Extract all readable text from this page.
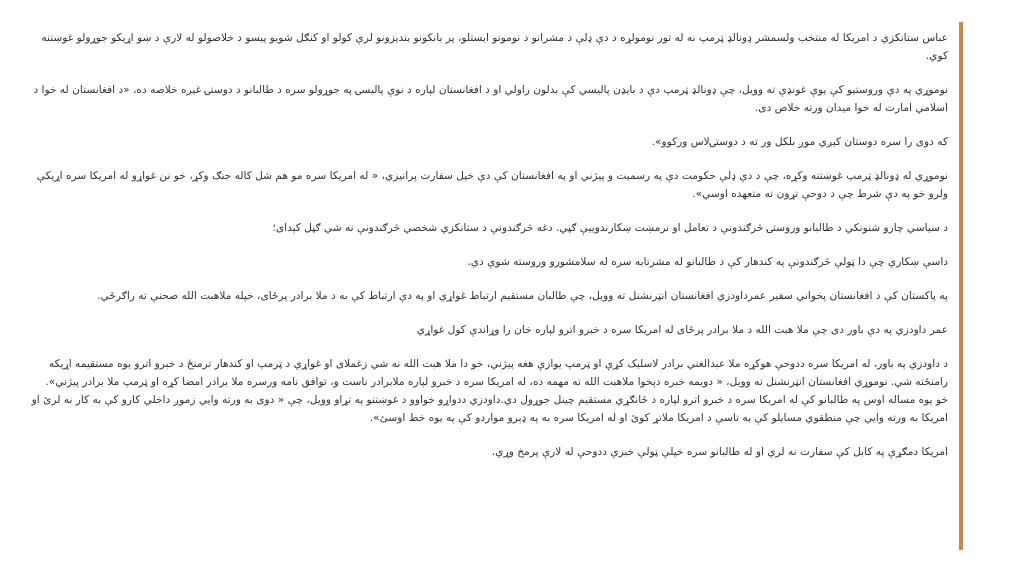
عباس ستانکزي د امریکا له منتخب ولسمشر ډونالډ ټرمپ نه له تور نومولړه د دې ډلې د مشرانو د نومونو ایستلو، پر بانکونو بندیزونو لرې کولو او کنګل شویو پیسو د خلاصولو له لارې د ښو اړیکو جوړولو غوښتنه کوي.

نوموړي په دې وروستیو کې یوې غونډې ته وویل، چې ډونالډ ټرمپ دې د بایډن پالیسي کې بدلون راولي او د افغانستان لپاره د نوې پالیسۍ په جوړولو سره د طالبانو د دوستۍ غیږه خلاصه ده، «د افغانستان له خوا د اسلامي امارت له خوا میدان ورته خلاص دی.

که دوی را سره دوستان کیږي موږ بلکل ور ته د دوستۍلاس ورکوو».

نوموړي له ډونالډ ټرمپ غوښتنه وکړه، چې د دې ډلې حکومت دې په رسمیت و پیژني او په افغانستان کې دې خپل سفارت پرانیزي، « له امریکا سره مو هم شل کاله جنګ وکړ، خو نن غواړو له امریکا سره اړیکې ولرو خو په دې شرط چې د دوحې تړون ته متعهده اوسي».

د سیاسي چارو شنونکي د طالبانو وروستۍ څرګندونې د تعامل او نرمښت ښکارندوییې ګڼي. دغه څرګندونې د ستانکزي شخصي څرګندونې نه شي ګڼل کېدای؛

داسې ښکاري چې دا ټولې څرګندونې په کندهار کې د طالبانو له مشرتابه سره له سلامشورو وروسته شوې دي.

په پاکستان کې د افغانستان پخواني سفیر عمرداودزي افغانستان انټرنشنل ته وویل، چې طالبان مستقیم ارتباط غواړي او په دې ارتباط کې به د ملا برادر پرځای، خپله ملاهبت الله صحنې ته راګرځي.

عمر داودزي په دې باور دی چې ملا هبت الله د ملا برادر پرځای له امریکا سره د خبرو اترو لپاره خان را وړاندې کول غواړي

د داودزي په باور، له امریکا سره ددوحې هوکړه ملا عبدالغني برادر لاسلیک کړې او ټرمپ یوازې هغه پیژني، خو دا ملا هبت الله نه شي زغملای او غواړي د ټرمپ او کندهار ترمنځ د خبرو اترو یوه مستقیمه اړیکه رامنځته شي. نوموړي افغانستان انټرنشنل ته وویل، « دویمه خبره دېخوا ملاهبت الله ته مهمه ده، له امریکا سره د خبرو لپاره ملابرادر ناست و، توافق نامه ورسره ملا برادر امضا کړه او ټرمپ ملا برادر پیژني».

خو یوه مساله اوس په طالبانو کې له امریکا سره د خبرو اترو لپاره د ځانګړي مستقیم چینل جوړول دي.داودزي ددواړو خواوو د غوښتنو په تړاو وویل، چې « دوی به ورته وایي زموږ داخلي کارو کې به کار نه لرئ او امریکا به ورته وایي چې منطقوي مسایلو کې به تاسې د امریکا ملاتړ کوئ او له امریکا سره به په ډېرو مواردو کې په یوه خط اوسئ».

امریکا دمګړې په کابل کې سفارت نه لري او له طالبانو سره خپلې ټولې خبرې ددوحې له لارې پرمخ وړي.
